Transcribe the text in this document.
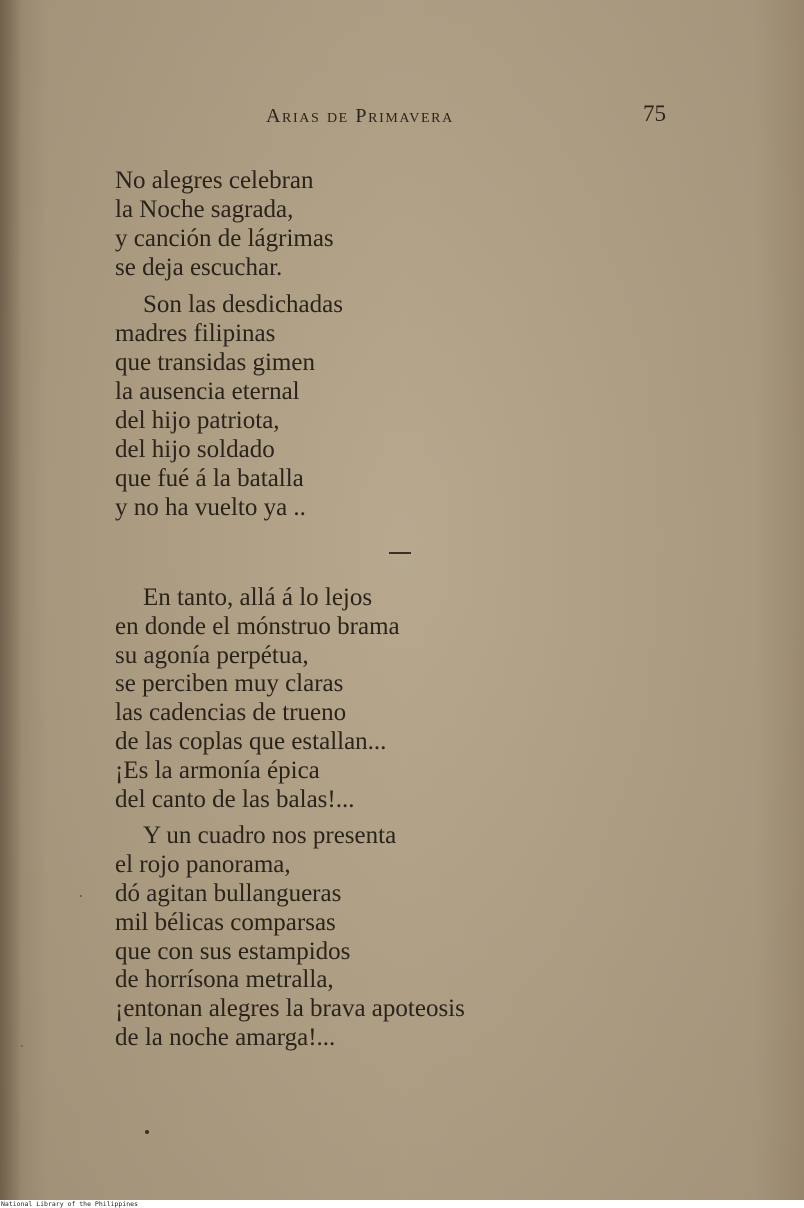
Arias de Primavera	75

No alegres celebran
la Noche sagrada,
y canción de lágrimas
se deja escuchar.

Son las desdichadas
madres filipinas
que transidas gimen
la ausencia eternal
del hijo patriota,
del hijo soldado
que fué á la batalla
y no ha vuelto ya ..

En tanto, allá á lo lejos
en donde el mónstruo brama
su agonía perpétua,
se perciben muy claras
las cadencias de trueno
de las coplas que estallan...
¡Es la armonía épica
del canto de las balas!...

Y un cuadro nos presenta
el rojo panorama,
dó agitan bullangueras
mil bélicas comparsas
que con sus estampidos
de horrísona metralla,
¡entonan alegres la brava apoteosis
de la noche amarga!...

National Library of the Philippines
